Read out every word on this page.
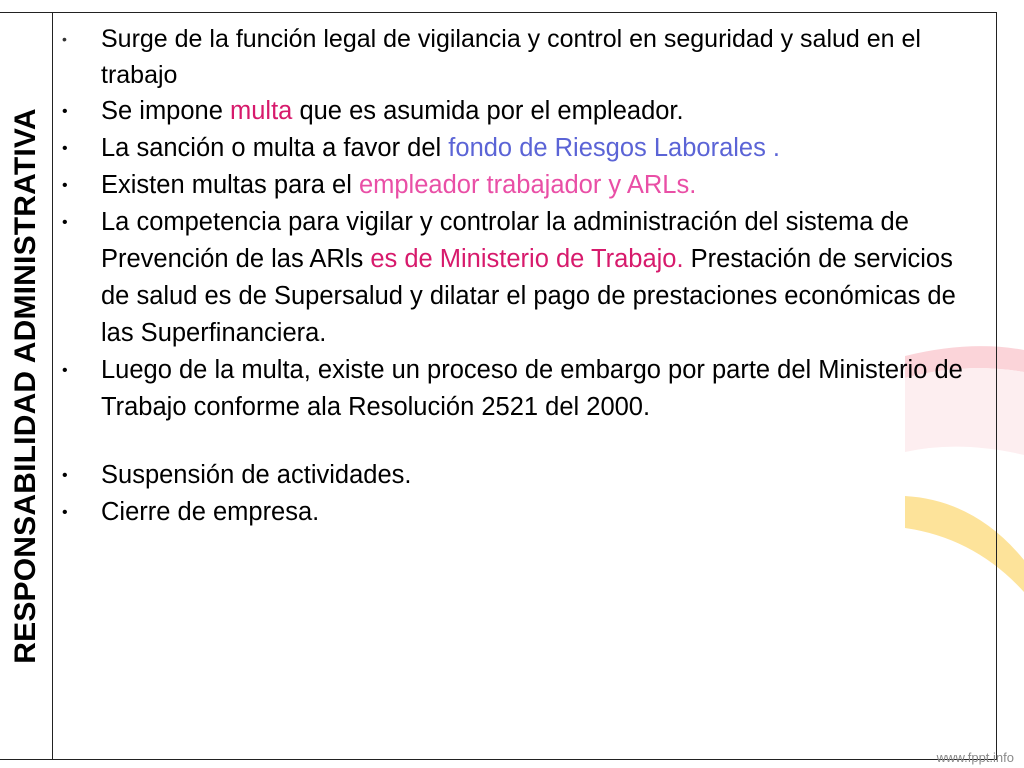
RESPONSABILIDAD ADMINISTRATIVA
• Surge de la función legal de vigilancia y control en seguridad y salud en el trabajo
• Se impone multa que es asumida por el empleador.
• La sanción o multa a favor del fondo de Riesgos Laborales .
• Existen multas para el empleador trabajador y ARLs.
• La competencia para vigilar y controlar la administración del sistema de Prevención de las ARls es de Ministerio de Trabajo. Prestación de servicios de salud es de Supersalud y dilatar el pago de prestaciones económicas de las Superfinanciera.
• Luego de la multa, existe un proceso de embargo por parte del Ministerio de Trabajo conforme ala Resolución 2521 del 2000.
• Suspensión de actividades.
• Cierre de empresa.
www.fppt.info
